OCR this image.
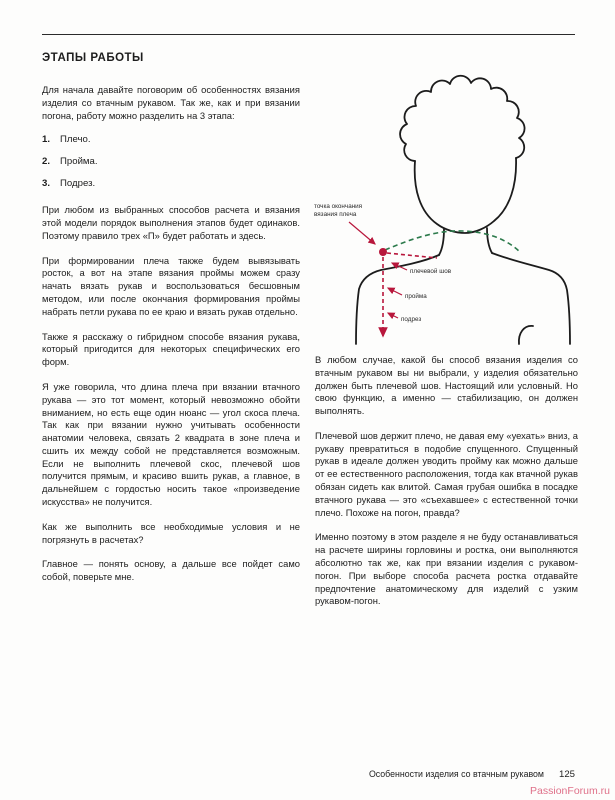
ЭТАПЫ РАБОТЫ

Для начала давайте поговорим об особенностях вязания изделия со втачным рукавом. Так же, как и при вязании погона, работу можно разделить на 3 этапа:

1.	Плечо.
2.	Пройма.
3.	Подрез.

При любом из выбранных способов расчета и вязания этой модели порядок выполнения этапов будет одинаков. Поэтому правило трех «П» будет работать и здесь.

При формировании плеча также будем вывязывать росток, а вот на этапе вязания проймы можем сразу начать вязать рукав и воспользоваться бесшовным методом, или после окончания формирования проймы набрать петли рукава по ее краю и вязать рукав отдельно.

Также я расскажу о гибридном способе вязания рукава, который пригодится для некоторых специфических его форм.

Я уже говорила, что длина плеча при вязании втачного рукава — это тот момент, который невозможно обойти вниманием, но есть еще один нюанс — угол скоса плеча. Так как при вязании нужно учитывать особенности анатомии человека, связать 2 квадрата в зоне плеча и сшить их между собой не представляется возможным. Если не выполнить плечевой скос, плечевой шов получится прямым, и красиво вшить рукав, а главное, в дальнейшем с гордостью носить такое «произведение искусства» не получится.

Как же выполнить все необходимые условия и не погрязнуть в расчетах?

Главное — понять основу, а дальше все пойдет само собой, поверьте мне.

точка окончания
вязания плеча
плечевой шов
пройма
подрез

В любом случае, какой бы способ вязания изделия со втачным рукавом вы ни выбрали, у изделия обязательно должен быть плечевой шов. Настоящий или условный. Но свою функцию, а именно — стабилизацию, он должен выполнять.

Плечевой шов держит плечо, не давая ему «уехать» вниз, а рукаву превратиться в подобие спущенного. Спущенный рукав в идеале должен уводить пройму как можно дальше от ее естественного расположения, тогда как втачной рукав обязан сидеть как влитой. Самая грубая ошибка в посадке втачного рукава — это «съехавшее» с естественной точки плечо. Похоже на погон, правда?

Именно поэтому в этом разделе я не буду останавливаться на расчете ширины горловины и ростка, они выполняются абсолютно так же, как при вязании изделия с рукавом-погон. При выборе способа расчета ростка отдавайте предпочтение анатомическому для изделий с узким рукавом-погон.

Особенности изделия со втачным рукавом 125
PassionForum.ru
